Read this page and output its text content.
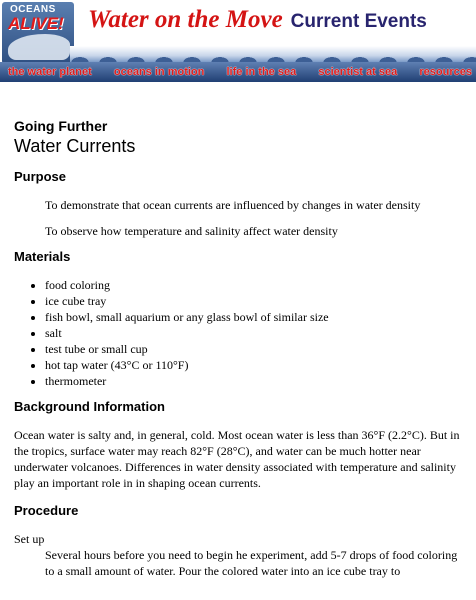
OCEANS
ALIVE! Water on the Move Current Events
the water planet oceans in motion life in the sea scientist at sea resources
Going Further
Water Currents
Purpose

To demonstrate that ocean currents are influenced by changes in water density

To observe how temperature and salinity affect water density

Materials
• food coloring
• ice cube tray
• fish bowl, small aquarium or any glass bowl of similar size
• salt
• test tube or small cup
• hot tap water (43°C or 110°F)
• thermometer
Background Information

Ocean water is salty and, in general, cold. Most ocean water is less than 36°F (2.2°C). But in the tropics, surface water may reach 82°F (28°C), and water can be much hotter near underwater volcanoes. Differences in water density associated with temperature and salinity play an important role in in shaping ocean currents.

Procedure

Set up

Several hours before you need to begin he experiment, add 5-7 drops of food coloring to a small amount of water. Pour the colored water into an ice cube tray to
